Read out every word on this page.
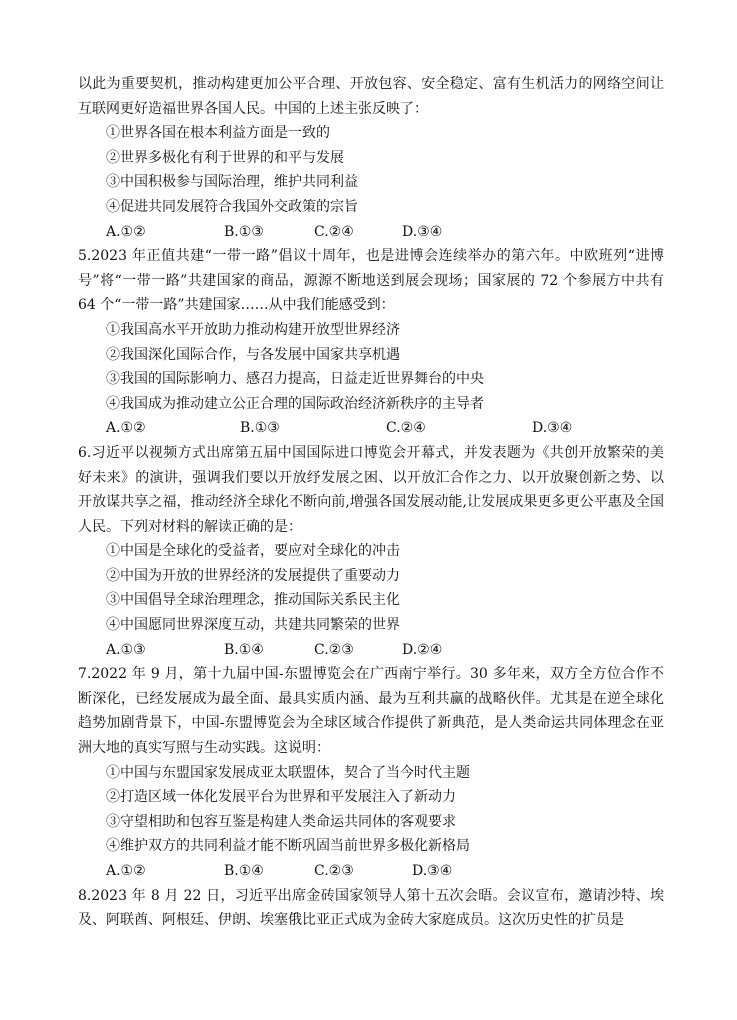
以此为重要契机，推动构建更加公平合理、开放包容、安全稳定、富有生机活力的网络空间让互联网更好造福世界各国人民。中国的上述主张反映了：

①世界各国在根本利益方面是一致的

②世界多极化有利于世界的和平与发展

③中国积极参与国际治理，维护共同利益

④促进共同发展符合我国外交政策的宗旨

A.①②	B.①③	C.②④	D.③④

5.2023 年正值共建“一带一路”倡议十周年，也是进博会连续举办的第六年。中欧班列“进博号”将“一带一路”共建国家的商品，源源不断地送到展会现场；国家展的 72 个参展方中共有 64 个“一带一路”共建国家……从中我们能感受到：

①我国高水平开放助力推动构建开放型世界经济

②我国深化国际合作，与各发展中国家共享机遇

③我国的国际影响力、感召力提高，日益走近世界舞台的中央

④我国成为推动建立公正合理的国际政治经济新秩序的主导者

A.①②	B.①③	C.②④	D.③④

6.习近平以视频方式出席第五届中国国际进口博览会开幕式，并发表题为《共创开放繁荣的美好未来》的演讲，强调我们要以开放纾发展之困、以开放汇合作之力、以开放聚创新之势、以开放谋共享之福，推动经济全球化不断向前,增强各国发展动能,让发展成果更多更公平惠及全国人民。下列对材料的解读正确的是：

①中国是全球化的受益者，要应对全球化的冲击

②中国为开放的世界经济的发展提供了重要动力

③中国倡导全球治理理念，推动国际关系民主化

④中国愿同世界深度互动，共建共同繁荣的世界

A.①③	B.①④	C.②③	D.②④

7.2022 年 9 月，第十九届中国-东盟博览会在广西南宁举行。30 多年来，双方全方位合作不断深化，已经发展成为最全面、最具实质内涵、最为互利共赢的战略伙伴。尤其是在逆全球化趋势加剧背景下，中国-东盟博览会为全球区域合作提供了新典范，是人类命运共同体理念在亚洲大地的真实写照与生动实践。这说明：

①中国与东盟国家发展成亚太联盟体，契合了当今时代主题

②打造区域一体化发展平台为世界和平发展注入了新动力

③守望相助和包容互鉴是构建人类命运共同体的客观要求

④维护双方的共同利益才能不断巩固当前世界多极化新格局

A.①②	B.①④	C.②③	D.③④

8.2023 年 8 月 22 日，习近平出席金砖国家领导人第十五次会晤。会议宣布，邀请沙特、埃及、阿联酋、阿根廷、伊朗、埃塞俄比亚正式成为金砖大家庭成员。这次历史性的扩员是
